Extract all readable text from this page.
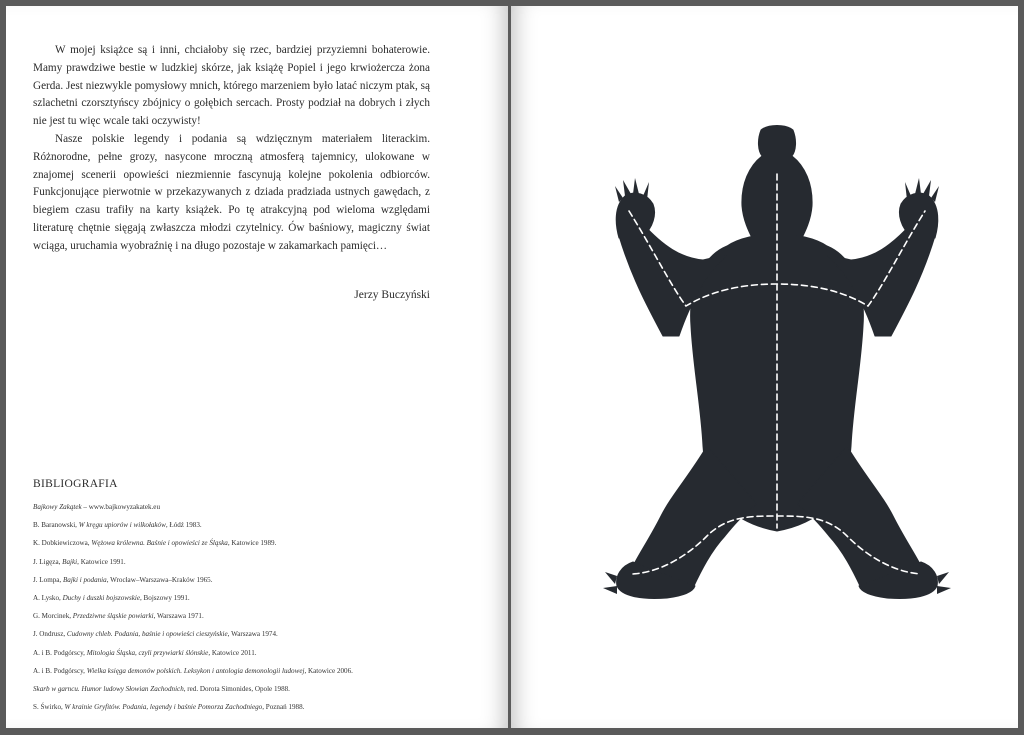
W mojej książce są i inni, chciałoby się rzec, bardziej przyziemni bohaterowie. Mamy prawdziwe bestie w ludzkiej skórze, jak książę Popiel i jego krwiożercza żona Gerda. Jest niezwykle pomysłowy mnich, którego marzeniem było latać niczym ptak, są szlachetni czorsztyńscy zbójnicy o gołębich sercach. Prosty podział na dobrych i złych nie jest tu więc wcale taki oczywisty!

Nasze polskie legendy i podania są wdzięcznym materiałem literackim. Różnorodne, pełne grozy, nasycone mroczną atmosferą tajemnicy, ulokowane w znajomej scenerii opowieści niezmiennie fascynują kolejne pokolenia odbiorców. Funkcjonujące pierwotnie w przekazywanych z dziada pradziada ustnych gawędach, z biegiem czasu trafiły na karty książek. Po tę atrakcyjną pod wieloma względami literaturę chętnie sięgają zwłaszcza młodzi czytelnicy. Ów baśniowy, magiczny świat wciąga, uruchamia wyobraźnię i na długo pozostaje w zakamarkach pamięci…

Jerzy Buczyński
BIBLIOGRAFIA
Bajkowy Zakątek – www.bajkowyzakatek.eu
B. Baranowski, W kręgu upiorów i wilkołaków, Łódź 1983.
K. Dobkiewiczowa, Wężowa królewna. Baśnie i opowieści ze Śląska, Katowice 1989.
J. Ligęza, Bajki, Katowice 1991.
J. Lompa, Bajki i podania, Wrocław–Warszawa–Kraków 1965.
A. Lysko, Duchy i duszki bojszowskie, Bojszowy 1991.
G. Morcinek, Przedziwne śląskie powiarki, Warszawa 1971.
J. Ondrusz, Cudowny chleb. Podania, baśnie i opowieści cieszyńskie, Warszawa 1974.
A. i B. Podgórscy, Mitologia Śląska, czyli przywiarki ślónskie, Katowice 2011.
A. i B. Podgórscy, Wielka księga demonów polskich. Leksykon i antologia demonologii ludowej, Katowice 2006.
Skarb w garncu. Humor ludowy Słowian Zachodnich, red. Dorota Simonides, Opole 1988.
S. Świrko, W krainie Gryfitów. Podania, legendy i baśnie Pomorza Zachodniego, Poznań 1988.
